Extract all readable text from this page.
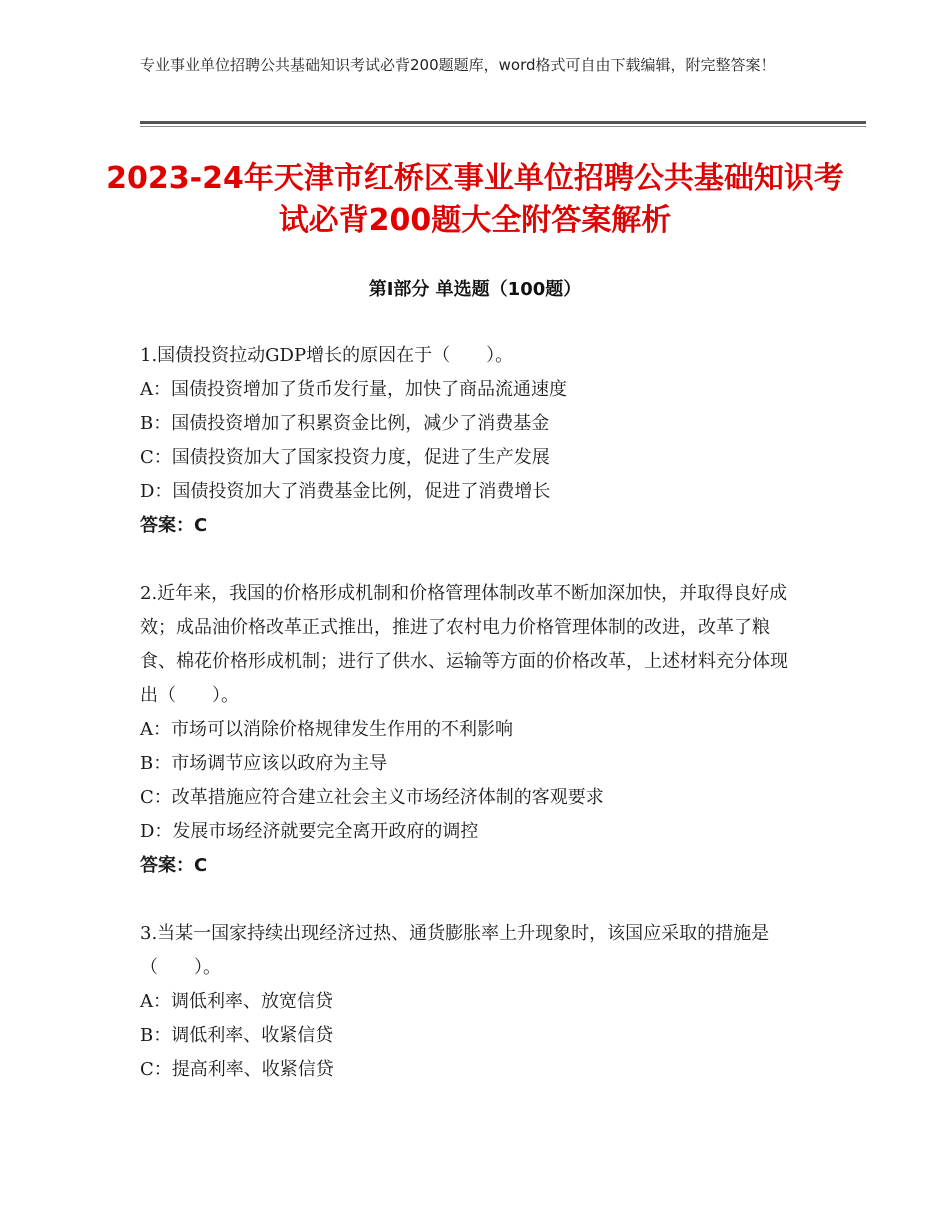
专业事业单位招聘公共基础知识考试必背200题题库，word格式可自由下载编辑，附完整答案！
2023-24年天津市红桥区事业单位招聘公共基础知识考试必背200题大全附答案解析
第Ⅰ部分 单选题（100题）

1.国债投资拉动GDP增长的原因在于（　　）。

A：国债投资增加了货币发行量，加快了商品流通速度

B：国债投资增加了积累资金比例，减少了消费基金

C：国债投资加大了国家投资力度，促进了生产发展

D：国债投资加大了消费基金比例，促进了消费增长

答案：C

2.近年来，我国的价格形成机制和价格管理体制改革不断加深加快，并取得良好成效；成品油价格改革正式推出，推进了农村电力价格管理体制的改进，改革了粮食、棉花价格形成机制；进行了供水、运输等方面的价格改革，上述材料充分体现出（　　）。

A：市场可以消除价格规律发生作用的不利影响

B：市场调节应该以政府为主导

C：改革措施应符合建立社会主义市场经济体制的客观要求

D：发展市场经济就要完全离开政府的调控

答案：C

3.当某一国家持续出现经济过热、通货膨胀率上升现象时，该国应采取的措施是（　　）。

A：调低利率、放宽信贷

B：调低利率、收紧信贷

C：提高利率、收紧信贷
